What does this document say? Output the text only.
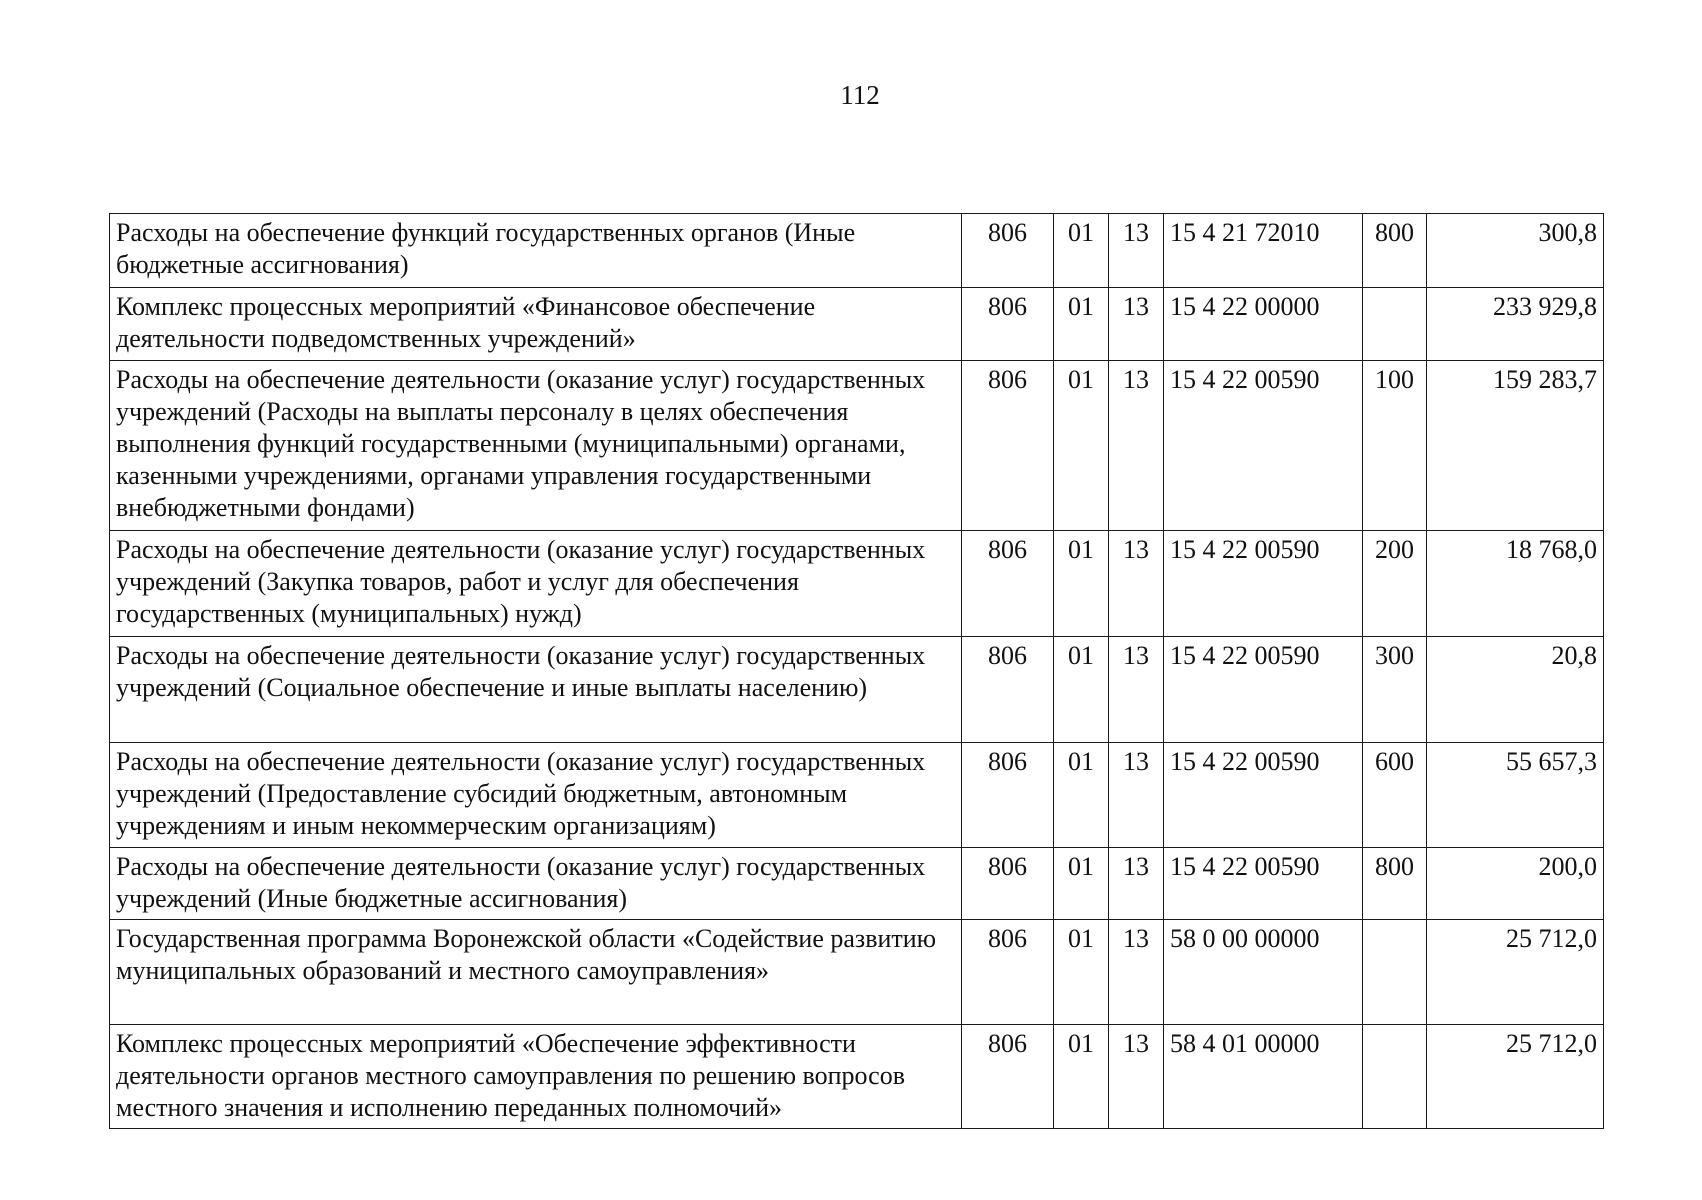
112
Расходы на обеспечение функций государственных органов (Иные бюджетные ассигнования)	806	01	13	15 4 21 72010	800	300,8
Комплекс процессных мероприятий «Финансовое обеспечение деятельности подведомственных учреждений»	806	01	13	15 4 22 00000		233 929,8
Расходы на обеспечение деятельности (оказание услуг) государственных учреждений (Расходы на выплаты персоналу в целях обеспечения выполнения функций государственными (муниципальными) органами, казенными учреждениями, органами управления государственными внебюджетными фондами)	806	01	13	15 4 22 00590	100	159 283,7
Расходы на обеспечение деятельности (оказание услуг) государственных учреждений (Закупка товаров, работ и услуг для обеспечения государственных (муниципальных) нужд)	806	01	13	15 4 22 00590	200	18 768,0
Расходы на обеспечение деятельности (оказание услуг) государственных учреждений (Социальное обеспечение и иные выплаты населению)	806	01	13	15 4 22 00590	300	20,8
Расходы на обеспечение деятельности (оказание услуг) государственных учреждений (Предоставление субсидий бюджетным, автономным учреждениям и иным некоммерческим организациям)	806	01	13	15 4 22 00590	600	55 657,3
Расходы на обеспечение деятельности (оказание услуг) государственных учреждений (Иные бюджетные ассигнования)	806	01	13	15 4 22 00590	800	200,0
Государственная программа Воронежской области «Содействие развитию муниципальных образований и местного самоуправления»	806	01	13	58 0 00 00000		25 712,0
Комплекс процессных мероприятий «Обеспечение эффективности деятельности органов местного самоуправления по решению вопросов местного значения и исполнению переданных полномочий»	806	01	13	58 4 01 00000		25 712,0
